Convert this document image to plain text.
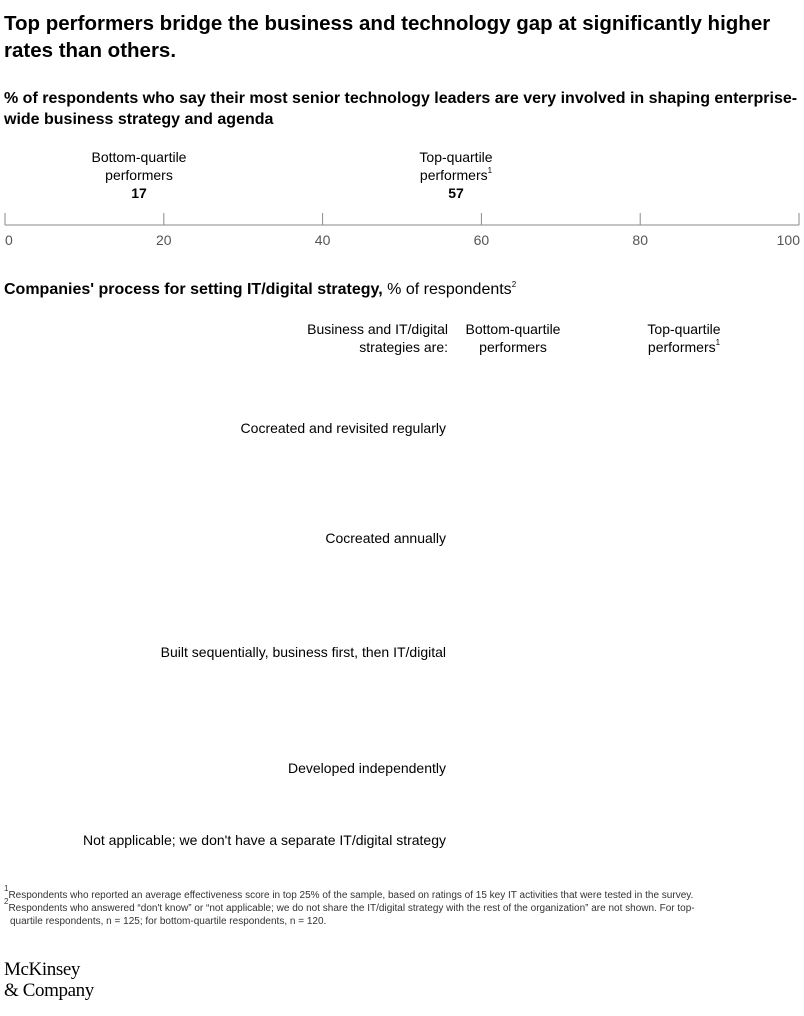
Top performers bridge the business and technology gap at significantly higher rates than others.
% of respondents who say their most senior technology leaders are very involved in shaping enterprise-wide business strategy and agenda
Bottom-quartile performers
17
Top-quartile performers$^1$
57
0	20	40	60	80	100
Companies' process for setting IT/digital strategy, % of respondents$^2$
Business and IT/digital strategies are:
Bottom-quartile performers
Top-quartile performers$^1$
Cocreated and revisited regularly
Cocreated annually
Built sequentially, business first, then IT/digital
Developed independently
Not applicable; we don't have a separate IT/digital strategy
$^1$Respondents who reported an average effectiveness score in top 25% of the sample, based on ratings of 15 key IT activities that were tested in the survey.
$^2$Respondents who answered “don't know” or “not applicable; we do not share the IT/digital strategy with the rest of the organization” are not shown. For top-
quartile respondents, n = 125; for bottom-quartile respondents, n = 120.
McKinsey
& Company
